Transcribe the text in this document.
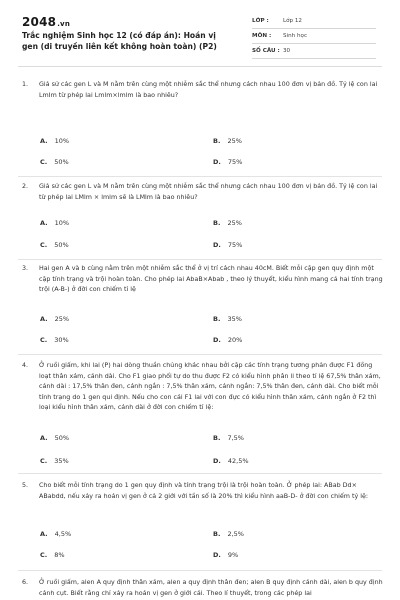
2048.vn
Trắc nghiệm Sinh học 12 (có đáp án): Hoán vị gen (di truyền liên kết không hoàn toàn) (P2)
LỚP :	Lớp 12
MÔN :	Sinh học
SỐ CÂU : 30
1.	Giả sử các gen L và M nằm trên cùng một nhiễm sắc thể nhưng cách nhau 100 đơn vị bản đồ. Tỷ lệ con lai LmIm từ phép lai Lmlm×lmlm là bao nhiêu?
A. 10%	B. 25%
C. 50%	D. 75%
2.	Giả sử các gen L và M nằm trên cùng một nhiễm sắc thể nhưng cách nhau 100 đơn vị bản đồ. Tỷ lệ con lai từ phép lai LMlm × lmlm sẽ là LMlm là bao nhiêu?
A. 10%	B. 25%
C. 50%	D. 75%
3.	Hai gen A và b cùng nằm trên một nhiễm sắc thể ở vị trí cách nhau 40cM. Biết mỗi cặp gen quy định một cặp tính trạng và trội hoàn toàn. Cho phép lai AbaB×Abab , theo lý thuyết, kiểu hình mang cả hai tính trạng trội (A-B-) ở đời con chiếm tỉ lệ
A. 25%	B. 35%
C. 30%	D. 20%
4.	Ở ruồi giấm, khi lai (P) hai dòng thuần chủng khác nhau bởi cặp các tính trạng tương phản được F1 đồng loạt thân xám, cánh dài. Cho F1 giao phối tự do thu được F2 có kiểu hình phân li theo tỉ lệ 67,5% thân xám, cánh dài : 17,5% thân đen, cánh ngắn : 7,5% thân xám, cánh ngắn: 7,5% thân đen, cánh dài. Cho biết mỗi tính trạng do 1 gen qui định. Nếu cho con cái F1 lai với con đực có kiểu hình thân xám, cánh ngắn ở F2 thì loại kiểu hình thân xám, cánh dài ở đời con chiếm tỉ lệ:
A. 50%	B. 7,5%
C. 35%	D. 42,5%
5.	Cho biết mỗi tính trạng do 1 gen quy định và tính trạng trội là trội hoàn toàn. Ở phép lai: ABab Dd× ABabdd, nếu xảy ra hoán vị gen ở cả 2 giới với tần số là 20% thì kiểu hình aaB-D- ở đời con chiếm tỷ lệ:
A. 4,5%	B. 2,5%
C. 8%	D. 9%
6.	Ở ruồi giấm, alen A quy định thân xám, alen a quy định thân đen; alen B quy định cánh dài, alen b quy định cánh cụt. Biết rằng chỉ xảy ra hoán vị gen ở giới cái. Theo lí thuyết, trong các phép lai
